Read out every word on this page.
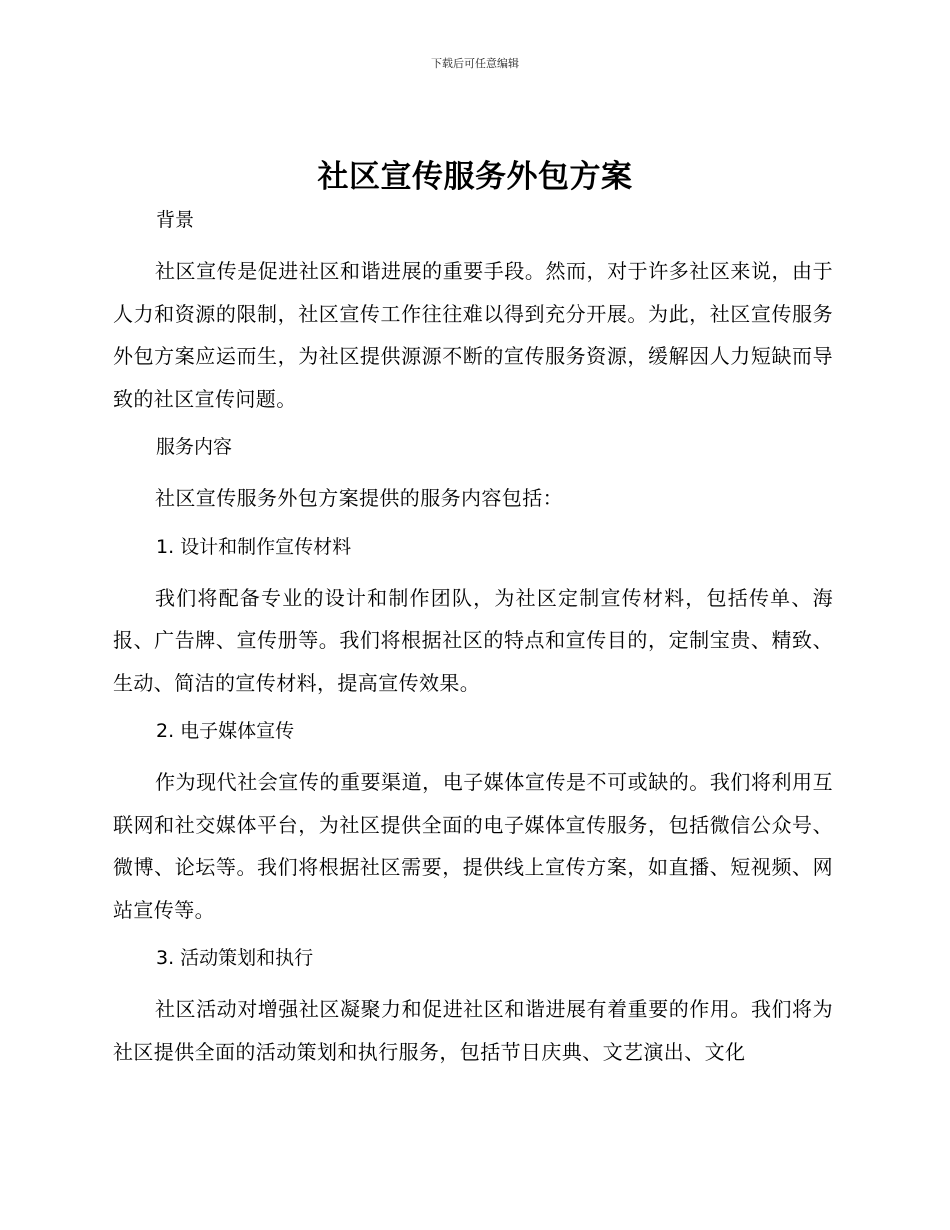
下载后可任意编辑
社区宣传服务外包方案
背景

社区宣传是促进社区和谐进展的重要手段。然而，对于许多社区来说，由于人力和资源的限制，社区宣传工作往往难以得到充分开展。为此，社区宣传服务外包方案应运而生，为社区提供源源不断的宣传服务资源，缓解因人力短缺而导致的社区宣传问题。

服务内容

社区宣传服务外包方案提供的服务内容包括：

1. 设计和制作宣传材料

我们将配备专业的设计和制作团队，为社区定制宣传材料，包括传单、海报、广告牌、宣传册等。我们将根据社区的特点和宣传目的，定制宝贵、精致、生动、简洁的宣传材料，提高宣传效果。

2. 电子媒体宣传

作为现代社会宣传的重要渠道，电子媒体宣传是不可或缺的。我们将利用互联网和社交媒体平台，为社区提供全面的电子媒体宣传服务，包括微信公众号、微博、论坛等。我们将根据社区需要，提供线上宣传方案，如直播、短视频、网站宣传等。

3. 活动策划和执行

社区活动对增强社区凝聚力和促进社区和谐进展有着重要的作用。我们将为社区提供全面的活动策划和执行服务，包括节日庆典、文艺演出、文化
